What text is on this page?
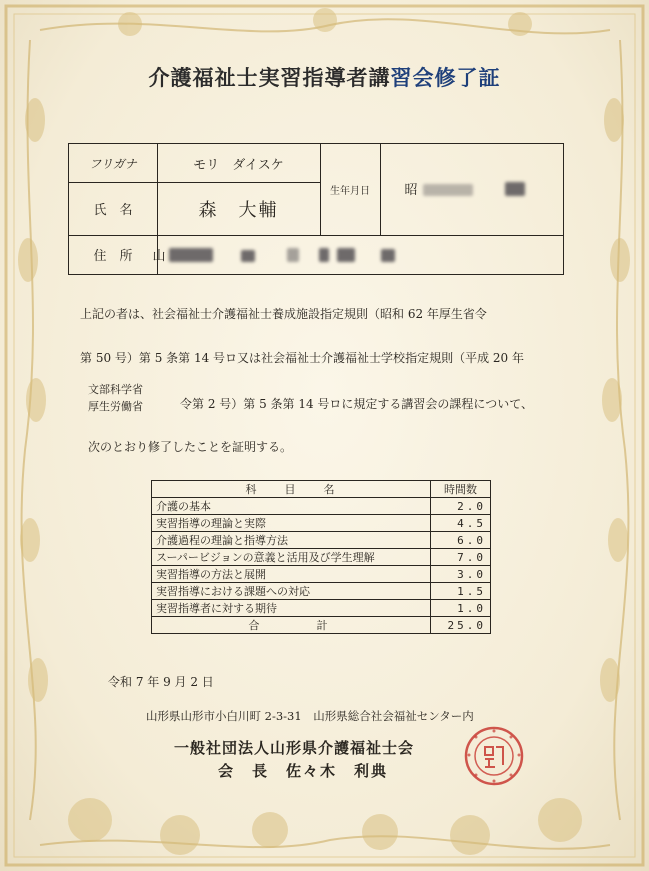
介護福祉士実習指導者講習会修了証
フリガナ	モリ　ダイスケ
氏　名	森　大輔
生年月日	昭
住　所	山
上記の者は、社会福祉士介護福祉士養成施設指定規則（昭和 62 年厚生省令
第 50 号）第 5 条第 14 号ロ又は社会福祉士介護福祉士学校指定規則（平成 20 年
文部科学省
厚生労働省	令第 2 号）第 5 条第 14 号ロに規定する講習会の課程について、
次のとおり修了したことを証明する。
科　　目　　名	時間数
介護の基本	2.0
実習指導の理論と実際	4.5
介護過程の理論と指導方法	6.0
スーパービジョンの意義と活用及び学生理解	7.0
実習指導の方法と展開	3.0
実習指導における課題への対応	1.5
実習指導者に対する期待	1.0
合　　　計	25.0
令和 7 年 9 月 2 日
山形県山形市小白川町 2-3-31　山形県総合社会福祉センター内
一般社団法人山形県介護福祉士会
会　長　佐々木　利典
